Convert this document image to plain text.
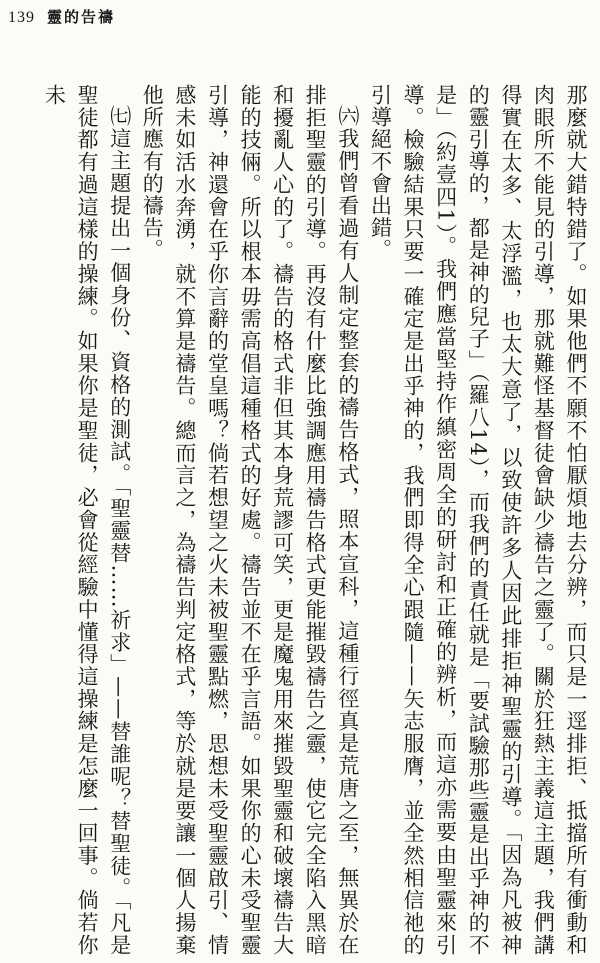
139 靈的告禱

那麼就大錯特錯了。如果他們不願不怕厭煩地去分辨，而只是一逕排拒、抵擋所有衝動和肉眼所不能見的引導，那就難怪基督徒會缺少禱告之靈了。關於狂熱主義這主題，我們講得實在太多、太浮濫，也太大意了，以致使許多人因此排拒神聖靈的引導。「因為凡被神的靈引導的，都是神的兒子」（羅八14），而我們的責任就是「要試驗那些靈是出乎神的不是」（約壹四1）。我們應當堅持作縝密周全的研討和正確的辨析，而這亦需要由聖靈來引導。檢驗結果只要一確定是出乎神的，我們即得全心跟隨——矢志服膺，並全然相信祂的引導絕不會出錯。

㈥我們曾看過有人制定整套的禱告格式，照本宣科，這種行徑真是荒唐之至，無異於在排拒聖靈的引導。再沒有什麼比強調應用禱告格式更能摧毀禱告之靈，使它完全陷入黑暗和擾亂人心的了。禱告的格式非但其本身荒謬可笑，更是魔鬼用來摧毀聖靈和破壞禱告大能的技倆。所以根本毋需高倡這種格式的好處。禱告並不在乎言語。如果你的心未受聖靈引導，神還會在乎你言辭的堂皇嗎？倘若想望之火未被聖靈點燃，思想未受聖靈啟引、情感未如活水奔湧，就不算是禱告。總而言之，為禱告判定格式，等於就是要讓一個人揚棄他所應有的禱告。

㈦這主題提出一個身份、資格的測試。「聖靈替……祈求」——替誰呢？替聖徒。「凡是聖徒都有過這樣的操練。如果你是聖徒，必會從經驗中懂得這操練是怎麼一回事。倘若你未
